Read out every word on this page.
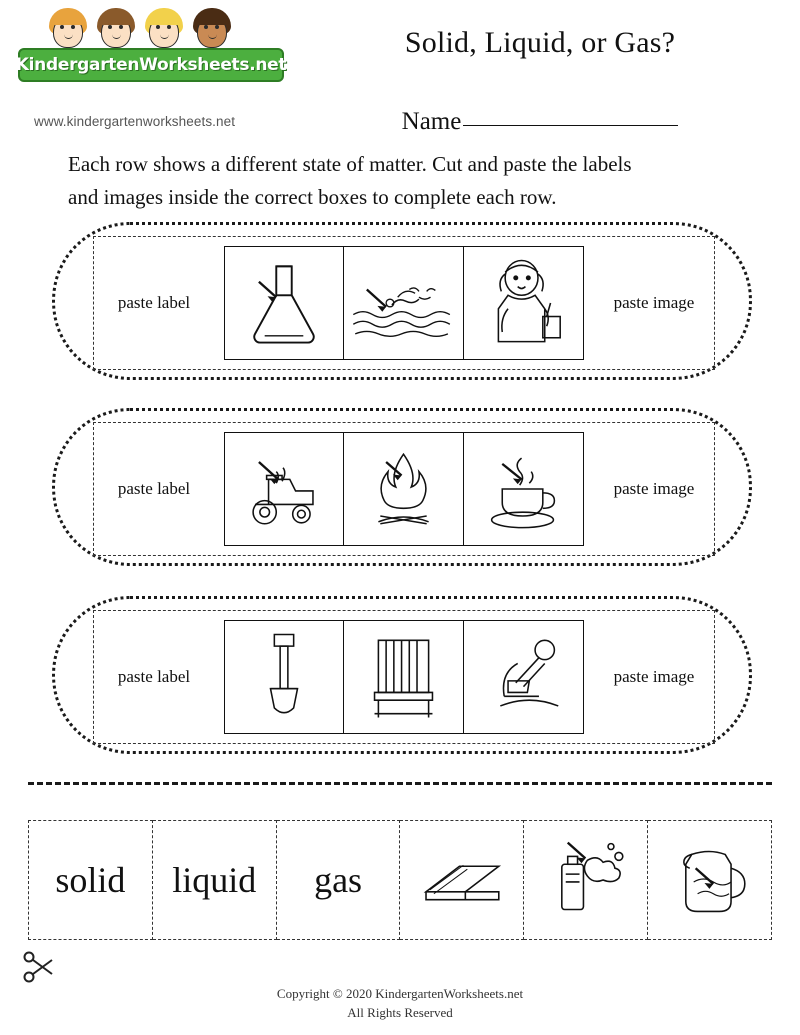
KindergartenWorksheets.net
www.kindergartenworksheets.net
Solid, Liquid, or Gas?
Name
Each row shows a different state of matter. Cut and paste the labels
and images inside the correct boxes to complete each row.
paste label	paste image
paste label	paste image
paste label	paste image
solid liquid gas
Copyright © 2020 KindergartenWorksheets.net
All Rights Reserved
